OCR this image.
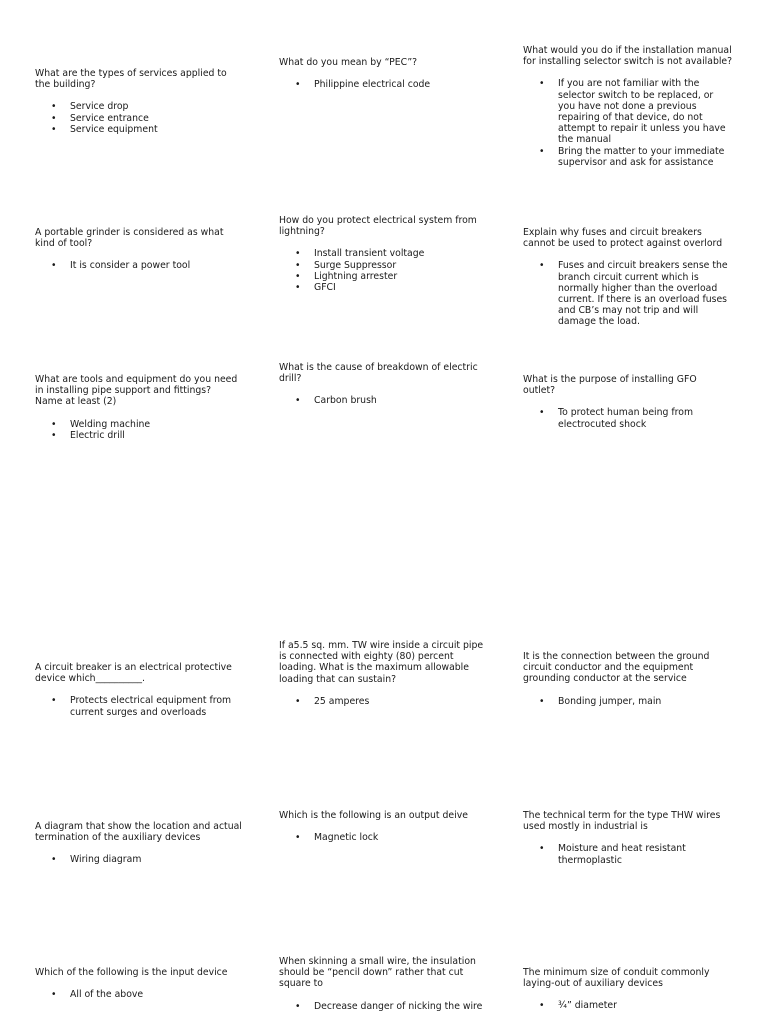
What are the types of services applied to the building?

• Service drop
• Service entrance
• Service equipment

What do you mean by “PEC”?

• Philippine electrical code

What would you do if the installation manual for installing selector switch is not available?

• If you are not familiar with the selector switch to be replaced, or you have not done a previous repairing of that device, do not attempt to repair it unless you have the manual
• Bring the matter to your immediate supervisor and ask for assistance

A portable grinder is considered as what kind of tool?

• It is consider a power tool

How do you protect electrical system from lightning?

• Install transient voltage
• Surge Suppressor
• Lightning arrester
• GFCI

Explain why fuses and circuit breakers cannot be used to protect against overlord

• Fuses and circuit breakers sense the branch circuit current which is normally higher than the overload current. If there is an overload fuses and CB’s may not trip and will damage the load.

What are tools and equipment do you need in installing pipe support and fittings? Name at least (2)

• Welding machine
• Electric drill

What is the cause of breakdown of electric drill?

• Carbon brush

What is the purpose of installing GFO outlet?

• To protect human being from electrocuted shock

A circuit breaker is an electrical protective device which__________.

• Protects electrical equipment from current surges and overloads

If a5.5 sq. mm. TW wire inside a circuit pipe is connected with eighty (80) percent loading. What is the maximum allowable loading that can sustain?

• 25 amperes

It is the connection between the ground circuit conductor and the equipment grounding conductor at the service

• Bonding jumper, main

A diagram that show the location and actual termination of the auxiliary devices

• Wiring diagram

Which is the following is an output deive

• Magnetic lock

The technical term for the type THW wires used mostly in industrial is

• Moisture and heat resistant thermoplastic

Which of the following is the input device

• All of the above

When skinning a small wire, the insulation should be “pencil down” rather that cut square to

• Decrease danger of nicking the wire

The minimum size of conduit commonly laying-out of auxiliary devices

• ¾” diameter
